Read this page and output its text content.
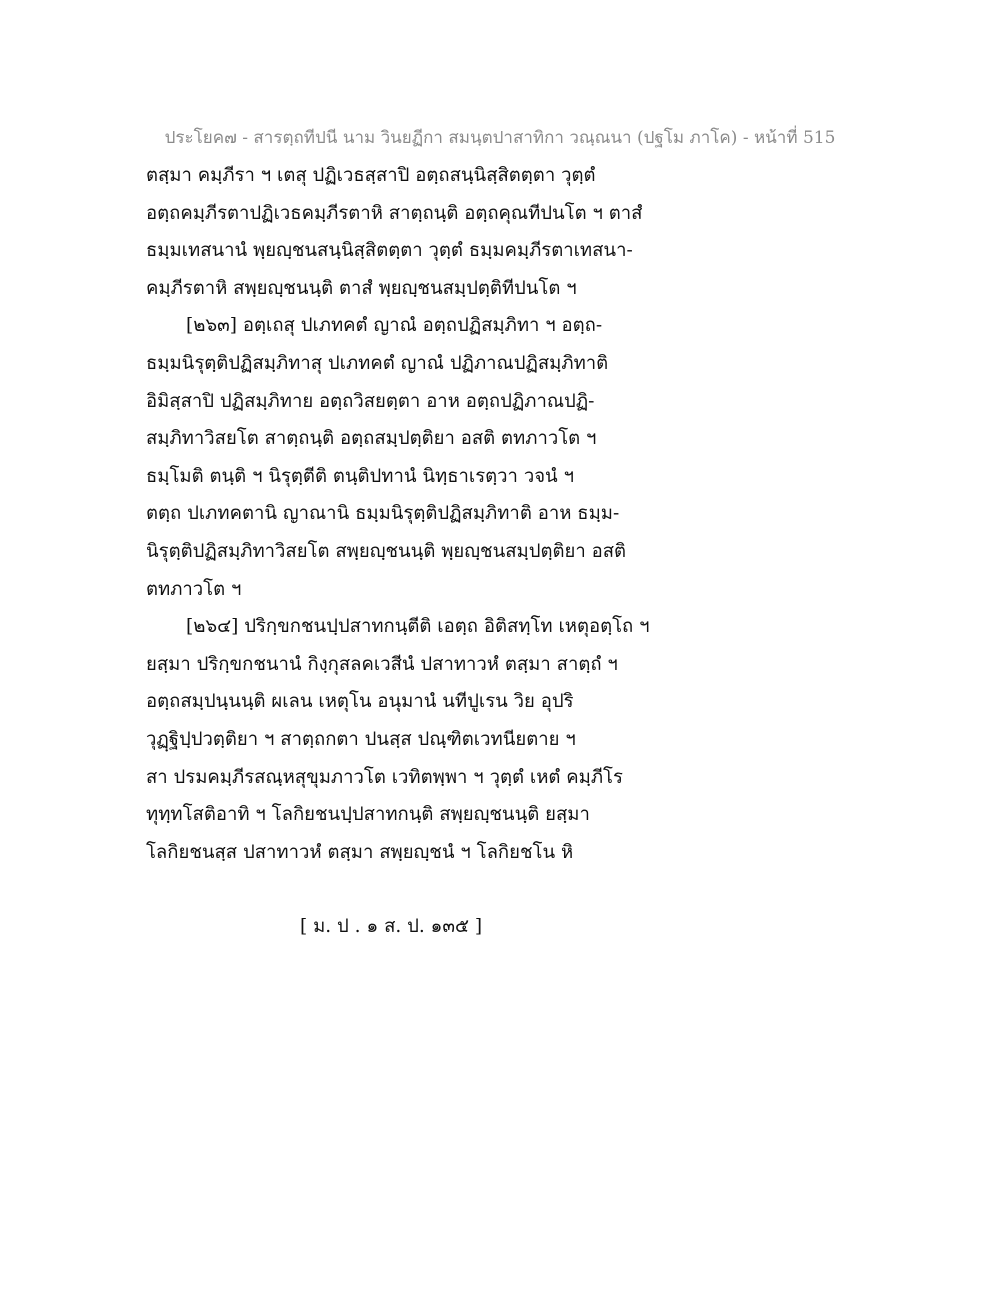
ประโยค๗ - สารตฺถทีปนี นาม วินยฏีกา สมนฺตปาสาทิกา วณฺณนา (ปฐโม ภาโค) - หน้าที่ 515
ตสฺมา คมฺภีรา ฯ เตสุ ปฏิเวธสฺสาปิ อตฺถสนฺนิสฺสิตตฺตา วุตฺตํ
อตฺถคมฺภีรตาปฏิเวธคมฺภีรตาหิ สาตฺถนฺติ อตฺถคุณทีปนโต ฯ ตาสํ
ธมฺมเทสนานํ พฺยญฺชนสนฺนิสฺสิตตฺตา วุตฺตํ ธมฺมคมฺภีรตาเทสนา-
คมฺภีรตาหิ สพฺยญฺชนนฺติ ตาสํ พฺยญฺชนสมฺปตฺติทีปนโต ฯ
[๒๖๓] อตฺเถสุ ปเภทคตํ ญาณํ อตฺถปฏิสมฺภิทา ฯ อตฺถ-
ธมฺมนิรุตฺติปฏิสมฺภิทาสุ ปเภทคตํ ญาณํ ปฏิภาณปฏิสมฺภิทาติ
อิมิสฺสาปิ ปฏิสมฺภิทาย อตฺถวิสยตฺตา อาห อตฺถปฏิภาณปฏิ-
สมฺภิทาวิสยโต สาตฺถนฺติ อตฺถสมฺปตฺติยา อสติ ตทภาวโต ฯ
ธมฺโมติ ตนฺติ ฯ นิรุตฺตีติ ตนฺติปทานํ นิทฺธาเรตฺวา วจนํ ฯ
ตตฺถ ปเภทคตานิ ญาณานิ ธมฺมนิรุตฺติปฏิสมฺภิทาติ อาห ธมฺม-
นิรุตฺติปฏิสมฺภิทาวิสยโต สพฺยญฺชนนฺติ พฺยญฺชนสมฺปตฺติยา อสติ
ตทภาวโต ฯ
[๒๖๔] ปริกฺขกชนปฺปสาทกนฺตีติ เอตฺถ อิติสทฺโท เหตุอตฺโถ ฯ
ยสฺมา ปริกฺขกชนานํ กิงฺกุสลคเวสีนํ ปสาทาวหํ ตสฺมา สาตฺถํ ฯ
อตฺถสมฺปนฺนนฺติ ผเลน เหตุโน อนุมานํ นทีปูเรน วิย อุปริ
วุฏฺฐิปฺปวตฺติยา ฯ สาตฺถกตา ปนสฺส ปณฺฑิตเวทนียตาย ฯ
สา ปรมคมฺภีรสณฺหสุขุมภาวโต เวทิตพฺพา ฯ วุตฺตํ เหตํ คมฺภีโร
ทุทฺทโสติอาทิ ฯ โลกิยชนปฺปสาทกนฺติ สพฺยญฺชนนฺติ ยสฺมา
โลกิยชนสฺส ปสาทาวหํ ตสฺมา สพฺยญฺชนํ ฯ โลกิยชโน หิ
[ ม. ป . ๑ ส. ป. ๑๓๕ ]
